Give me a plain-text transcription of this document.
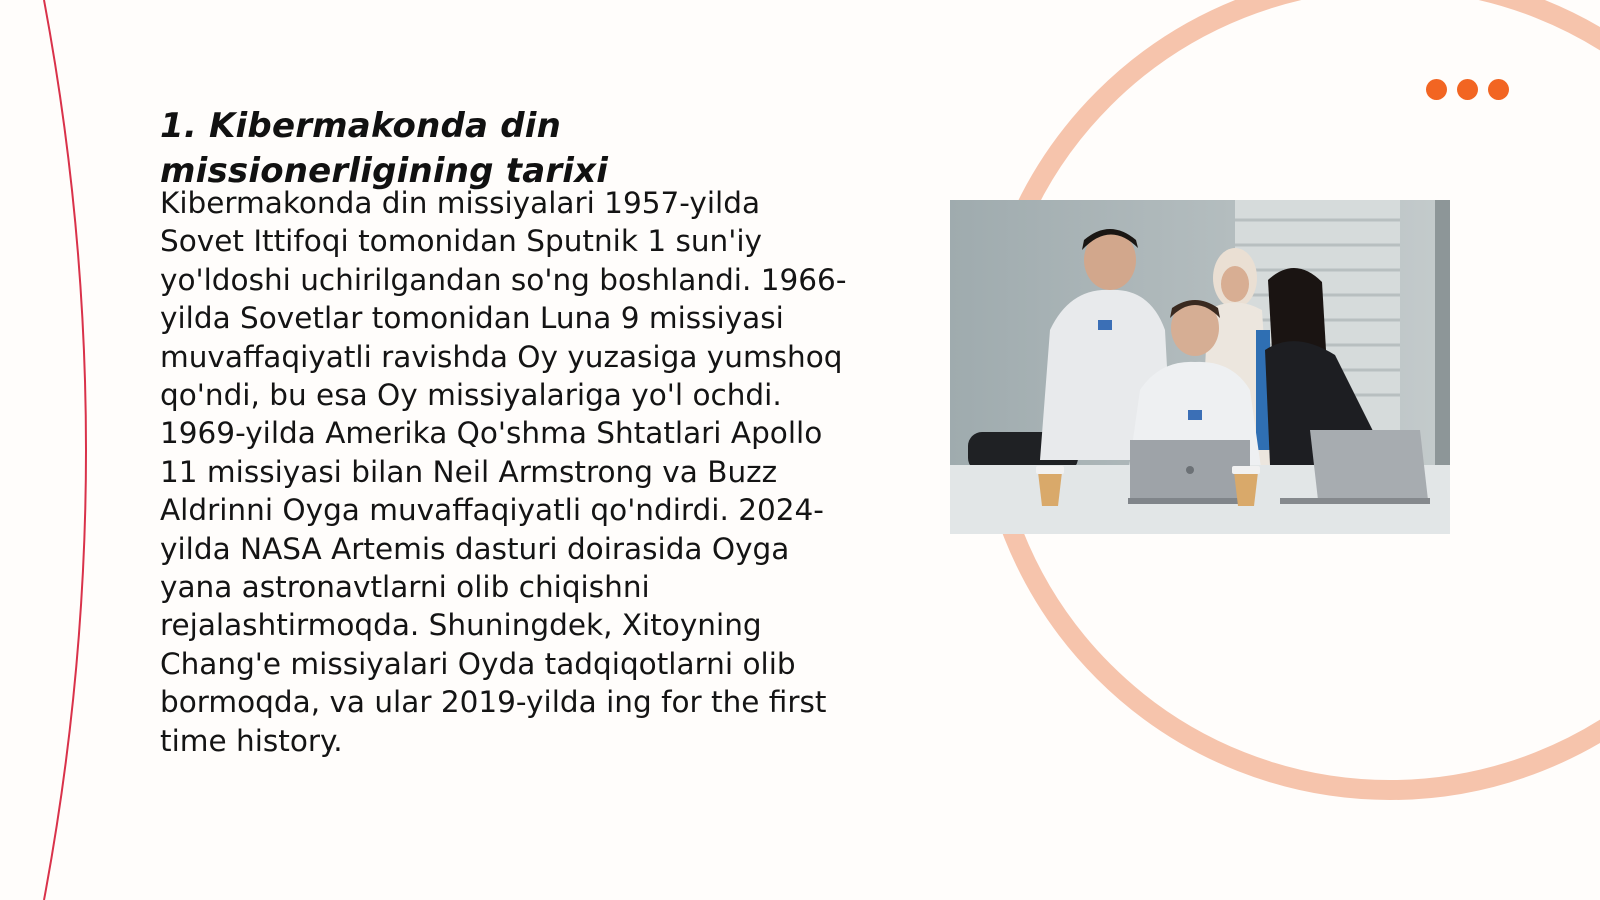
1. Kibermakonda din missionerligining tarixi

Kibermakonda din missiyalari 1957-yilda Sovet Ittifoqi tomonidan Sputnik 1 sun'iy yo'ldoshi uchirilgandan so'ng boshlandi. 1966-yilda Sovetlar tomonidan Luna 9 missiyasi muvaffaqiyatli ravishda Oy yuzasiga yumshoq qo'ndi, bu esa Oy missiyalariga yo'l ochdi. 1969-yilda Amerika Qo'shma Shtatlari Apollo 11 missiyasi bilan Neil Armstrong va Buzz Aldrinni Oyga muvaffaqiyatli qo'ndirdi. 2024-yilda NASA Artemis dasturi doirasida Oyga yana astronavtlarni olib chiqishni rejalashtirmoqda. Shuningdek, Xitoyning Chang'e missiyalari Oyda tadqiqotlarni olib bormoqda, va ular 2019-yilda ing for the first time history.
